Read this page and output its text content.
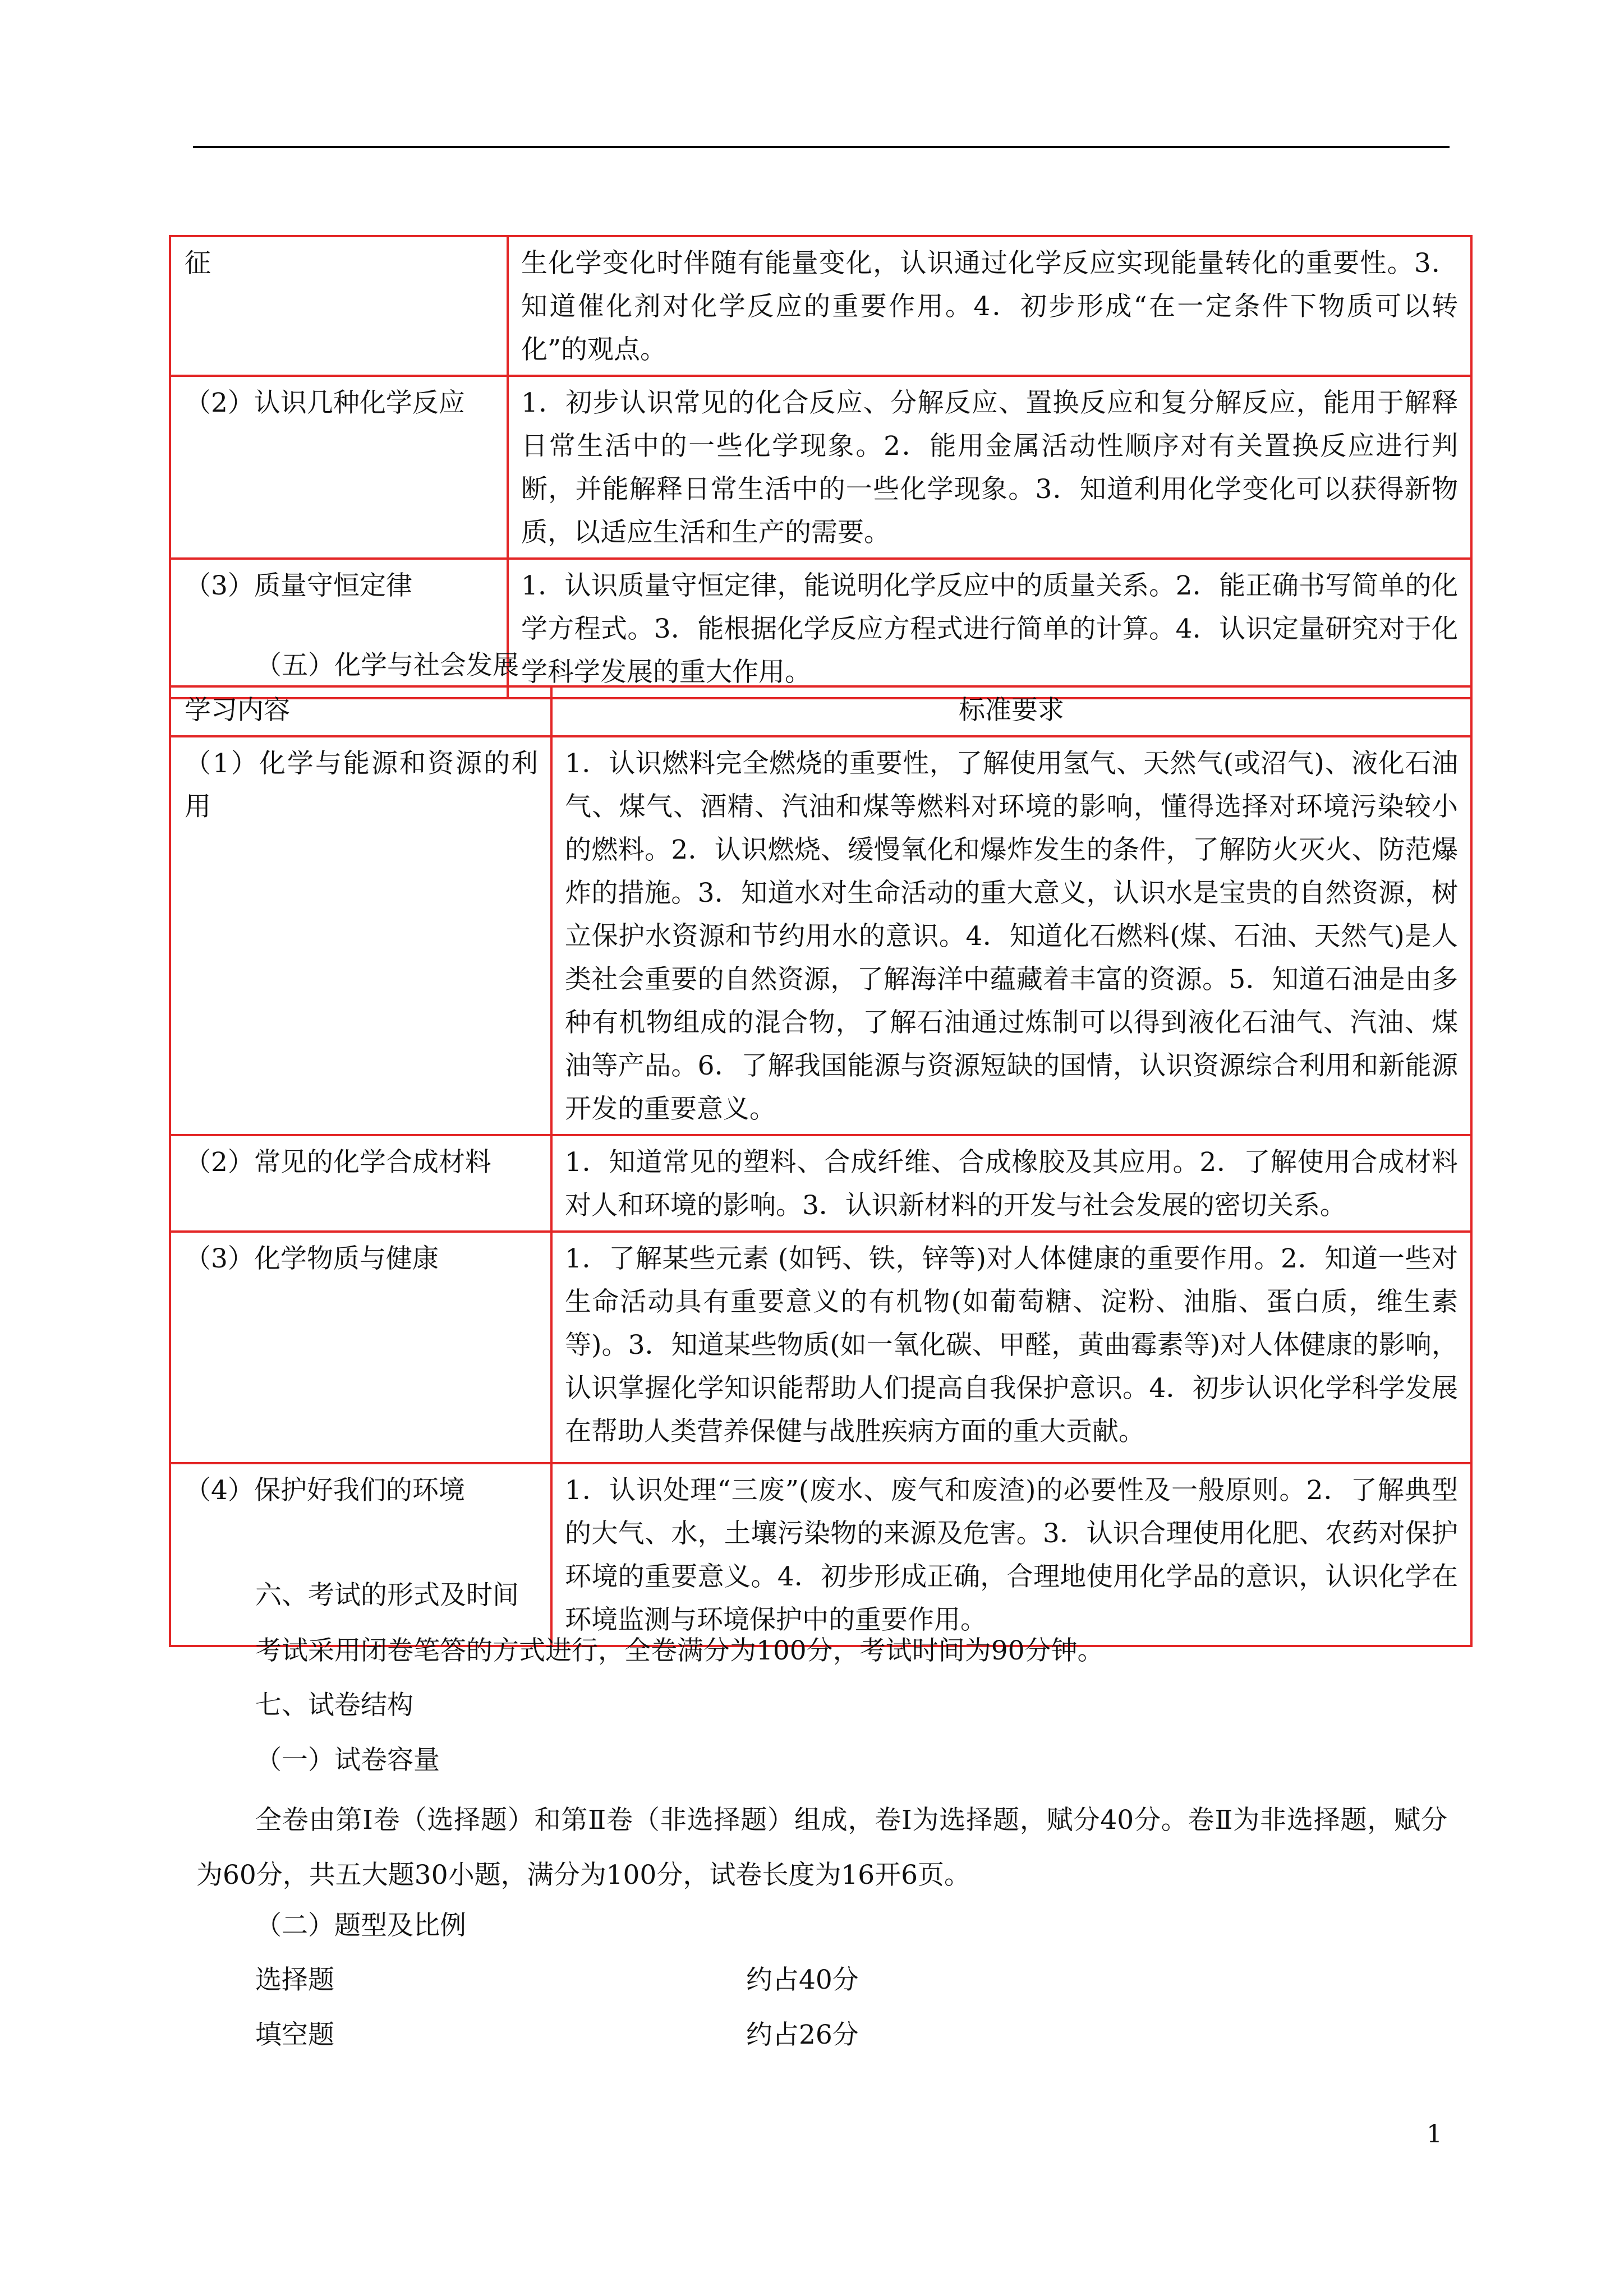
征	生化学变化时伴随有能量变化，认识通过化学反应实现能量转化的重要性。3．知道催化剂对化学反应的重要作用。4．初步形成“在一定条件下物质可以转化”的观点。
（2）认识几种化学反应	1．初步认识常见的化合反应、分解反应、置换反应和复分解反应，能用于解释日常生活中的一些化学现象。2．能用金属活动性顺序对有关置换反应进行判断，并能解释日常生活中的一些化学现象。3．知道利用化学变化可以获得新物质，以适应生活和生产的需要。
（3）质量守恒定律	1．认识质量守恒定律，能说明化学反应中的质量关系。2．能正确书写简单的化学方程式。3．能根据化学反应方程式进行简单的计算。4．认识定量研究对于化学科学发展的重大作用。
（五）化学与社会发展
学习内容	标准要求
（1）化学与能源和资源的利用	1．认识燃料完全燃烧的重要性，了解使用氢气、天然气(或沼气)、液化石油气、煤气、酒精、汽油和煤等燃料对环境的影响，懂得选择对环境污染较小的燃料。2．认识燃烧、缓慢氧化和爆炸发生的条件，了解防火灭火、防范爆炸的措施。3．知道水对生命活动的重大意义，认识水是宝贵的自然资源，树立保护水资源和节约用水的意识。4．知道化石燃料(煤、石油、天然气)是人类社会重要的自然资源，了解海洋中蕴藏着丰富的资源。5．知道石油是由多种有机物组成的混合物，了解石油通过炼制可以得到液化石油气、汽油、煤油等产品。6．了解我国能源与资源短缺的国情，认识资源综合利用和新能源开发的重要意义。
（2）常见的化学合成材料	1．知道常见的塑料、合成纤维、合成橡胶及其应用。2．了解使用合成材料对人和环境的影响。3．认识新材料的开发与社会发展的密切关系。
（3）化学物质与健康	1．了解某些元素 (如钙、铁，锌等)对人体健康的重要作用。2．知道一些对生命活动具有重要意义的有机物(如葡萄糖、淀粉、油脂、蛋白质，维生素等)。3．知道某些物质(如一氧化碳、甲醛，黄曲霉素等)对人体健康的影响，认识掌握化学知识能帮助人们提高自我保护意识。4．初步认识化学科学发展在帮助人类营养保健与战胜疾病方面的重大贡献。
（4）保护好我们的环境	1．认识处理“三废”(废水、废气和废渣)的必要性及一般原则。2．了解典型的大气、水，土壤污染物的来源及危害。3．认识合理使用化肥、农药对保护环境的重要意义。4．初步形成正确，合理地使用化学品的意识，认识化学在环境监测与环境保护中的重要作用。
六、考试的形式及时间
考试采用闭卷笔答的方式进行，全卷满分为100分，考试时间为90分钟。
七、试卷结构
（一）试卷容量
全卷由第Ⅰ卷（选择题）和第Ⅱ卷（非选择题）组成，卷Ⅰ为选择题，赋分40分。卷Ⅱ为非选择题，赋分为60分，共五大题30小题，满分为100分，试卷长度为16开6页。
（二）题型及比例
选择题	约占40分
填空题	约占26分
1
